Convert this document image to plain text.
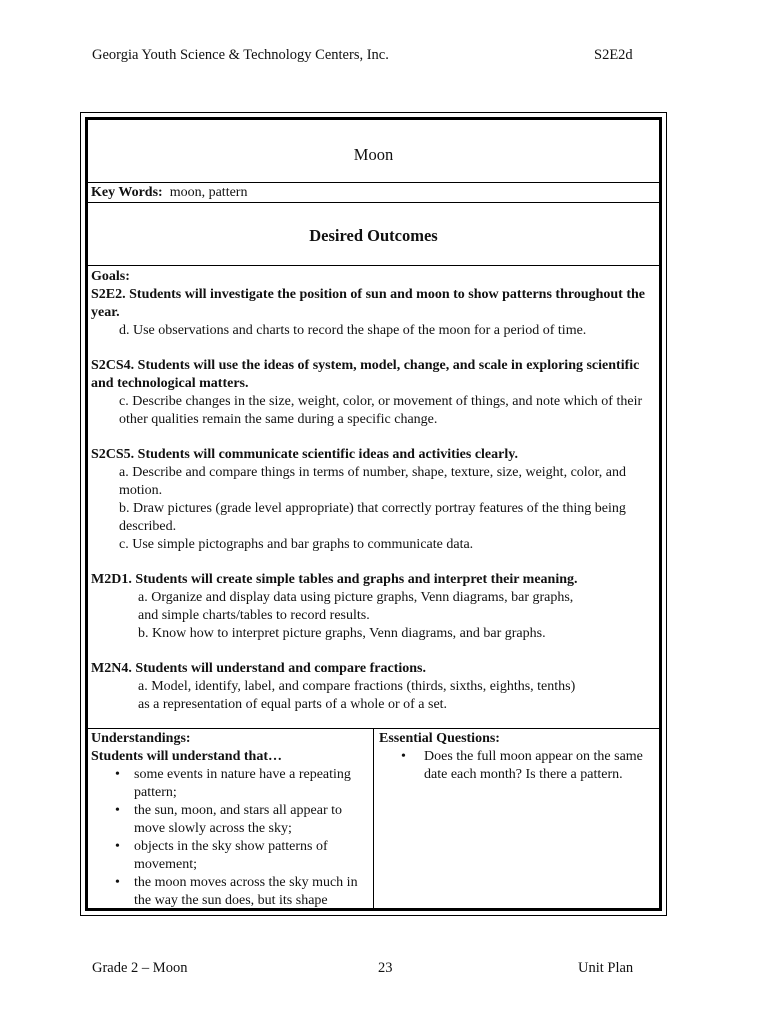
Georgia Youth Science & Technology Centers, Inc.	S2E2d
Moon
Key Words: moon, pattern
Desired Outcomes

Goals:

S2E2. Students will investigate the position of sun and moon to show patterns throughout the year.

d. Use observations and charts to record the shape of the moon for a period of time.

S2CS4. Students will use the ideas of system, model, change, and scale in exploring scientific and technological matters.

c. Describe changes in the size, weight, color, or movement of things, and note which of their other qualities remain the same during a specific change.

S2CS5. Students will communicate scientific ideas and activities clearly.

a. Describe and compare things in terms of number, shape, texture, size, weight, color, and motion.

b. Draw pictures (grade level appropriate) that correctly portray features of the thing being described.

c. Use simple pictographs and bar graphs to communicate data.

M2D1. Students will create simple tables and graphs and interpret their meaning.

a. Organize and display data using picture graphs, Venn diagrams, bar graphs,

and simple charts/tables to record results.

b. Know how to interpret picture graphs, Venn diagrams, and bar graphs.

M2N4. Students will understand and compare fractions.

a. Model, identify, label, and compare fractions (thirds, sixths, eighths, tenths)

as a representation of equal parts of a whole or of a set.

Understandings:
Students will understand that…
• some events in nature have a repeating pattern;
• the sun, moon, and stars all appear to move slowly across the sky;
• objects in the sky show patterns of movement;
• the moon moves across the sky much in the way the sun does, but its shape
Essential Questions:
• Does the full moon appear on the same date each month? Is there a pattern.
Grade 2 – Moon	23	Unit Plan
